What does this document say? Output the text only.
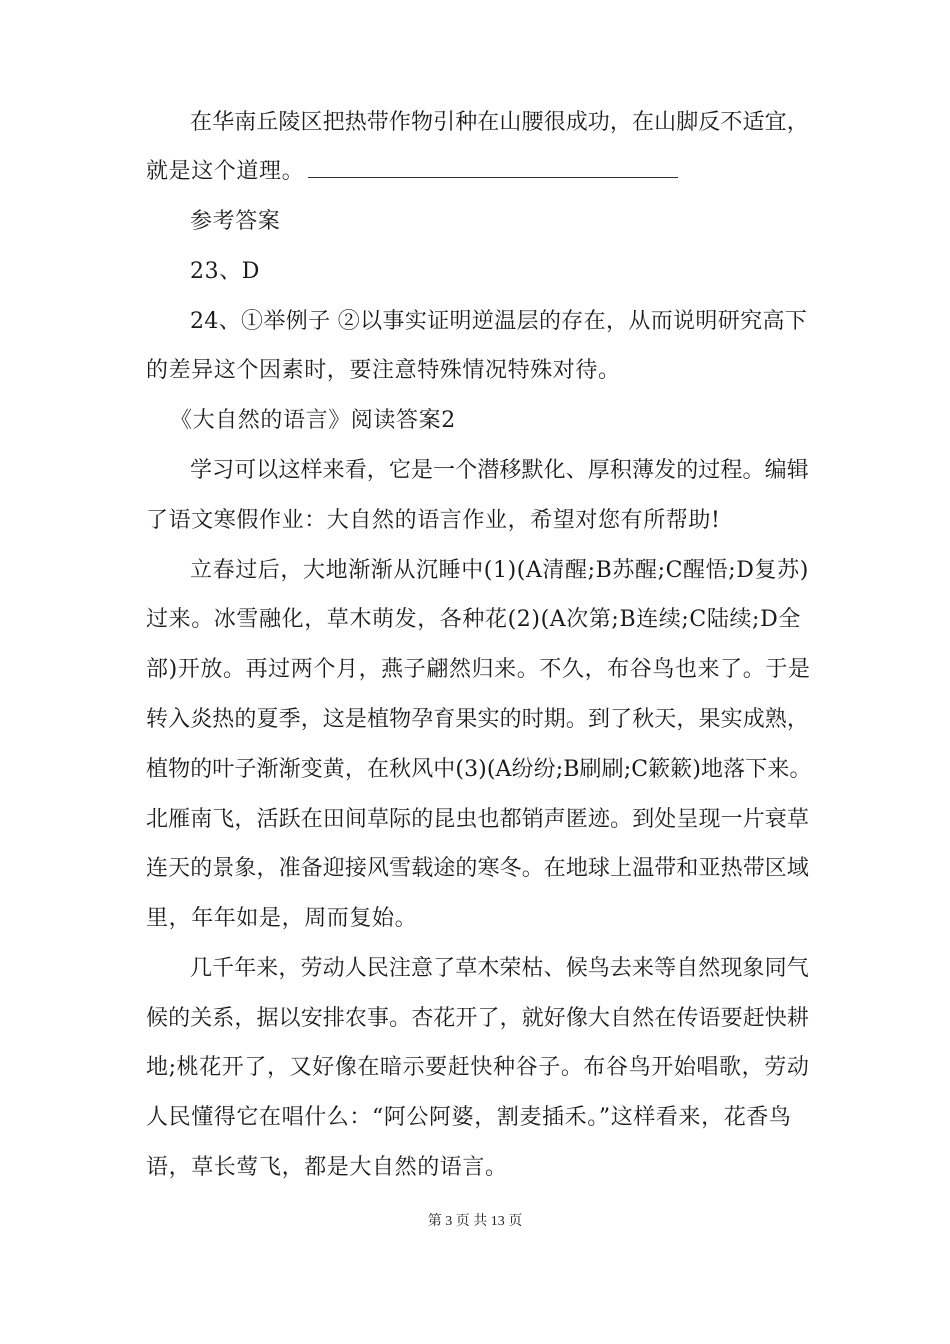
在华南丘陵区把热带作物引种在山腰很成功，在山脚反不适宜，
就是这个道理。
参考答案
23、D
24、①举例子 ②以事实证明逆温层的存在，从而说明研究高下
的差异这个因素时，要注意特殊情况特殊对待。
《大自然的语言》阅读答案2
学习可以这样来看，它是一个潜移默化、厚积薄发的过程。编辑
了语文寒假作业：大自然的语言作业，希望对您有所帮助!
立春过后，大地渐渐从沉睡中(1)(A清醒;B苏醒;C醒悟;D复苏)
过来。冰雪融化，草木萌发，各种花(2)(A次第;B连续;C陆续;D全
部)开放。再过两个月，燕子翩然归来。不久，布谷鸟也来了。于是
转入炎热的夏季，这是植物孕育果实的时期。到了秋天，果实成熟，
植物的叶子渐渐变黄，在秋风中(3)(A纷纷;B刷刷;C簌簌)地落下来。
北雁南飞，活跃在田间草际的昆虫也都销声匿迹。到处呈现一片衰草
连天的景象，准备迎接风雪载途的寒冬。在地球上温带和亚热带区域
里，年年如是，周而复始。
几千年来，劳动人民注意了草木荣枯、候鸟去来等自然现象同气
候的关系，据以安排农事。杏花开了，就好像大自然在传语要赶快耕
地;桃花开了，又好像在暗示要赶快种谷子。布谷鸟开始唱歌，劳动
人民懂得它在唱什么：“阿公阿婆，割麦插禾。”这样看来，花香鸟
语，草长莺飞，都是大自然的语言。
第 3 页 共 13 页
